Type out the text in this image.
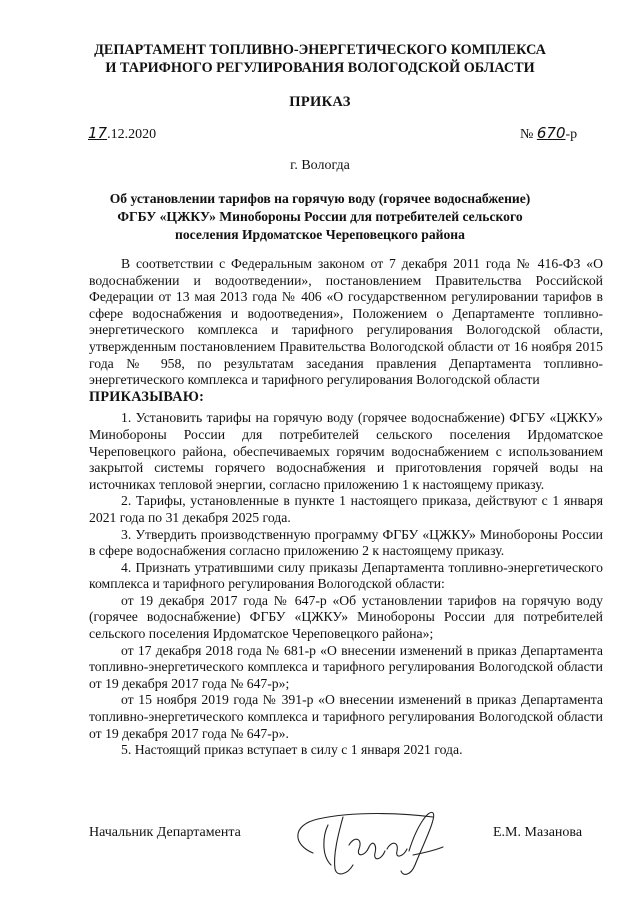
ДЕПАРТАМЕНТ ТОПЛИВНО-ЭНЕРГЕТИЧЕСКОГО КОМПЛЕКСА
И ТАРИФНОГО РЕГУЛИРОВАНИЯ ВОЛОГОДСКОЙ ОБЛАСТИ
ПРИКАЗ
17.12.2020	№ 670-р
г. Вологда
Об установлении тарифов на горячую воду (горячее водоснабжение)
ФГБУ «ЦЖКУ» Минобороны России для потребителей сельского
поселения Ирдоматское Череповецкого района

В соответствии с Федеральным законом от 7 декабря 2011 года № 416-ФЗ «О водоснабжении и водоотведении», постановлением Правительства Российской Федерации от 13 мая 2013 года № 406 «О государственном регулировании тарифов в сфере водоснабжения и водоотведения», Положением о Департаменте топливно-энергетического комплекса и тарифного регулирования Вологодской области, утвержденным постановлением Правительства Вологодской области от 16 ноября 2015 года № 958, по результатам заседания правления Департамента топливно-энергетического комплекса и тарифного регулирования Вологодской области

ПРИКАЗЫВАЮ:

1. Установить тарифы на горячую воду (горячее водоснабжение) ФГБУ «ЦЖКУ» Минобороны России для потребителей сельского поселения Ирдоматское Череповецкого района, обеспечиваемых горячим водоснабжением с использованием закрытой системы горячего водоснабжения и приготовления горячей воды на источниках тепловой энергии, согласно приложению 1 к настоящему приказу.

2. Тарифы, установленные в пункте 1 настоящего приказа, действуют с 1 января 2021 года по 31 декабря 2025 года.

3. Утвердить производственную программу ФГБУ «ЦЖКУ» Минобороны России в сфере водоснабжения согласно приложению 2 к настоящему приказу.

4. Признать утратившими силу приказы Департамента топливно-энергетического комплекса и тарифного регулирования Вологодской области:

от 19 декабря 2017 года № 647-р «Об установлении тарифов на горячую воду (горячее водоснабжение) ФГБУ «ЦЖКУ» Минобороны России для потребителей сельского поселения Ирдоматское Череповецкого района»;

от 17 декабря 2018 года № 681-р «О внесении изменений в приказ Департамента топливно-энергетического комплекса и тарифного регулирования Вологодской области от 19 декабря 2017 года № 647-р»;

от 15 ноября 2019 года № 391-р «О внесении изменений в приказ Департамента топливно-энергетического комплекса и тарифного регулирования Вологодской области от 19 декабря 2017 года № 647-р».

5. Настоящий приказ вступает в силу с 1 января 2021 года.

Начальник Департамента	Е.М. Мазанова
